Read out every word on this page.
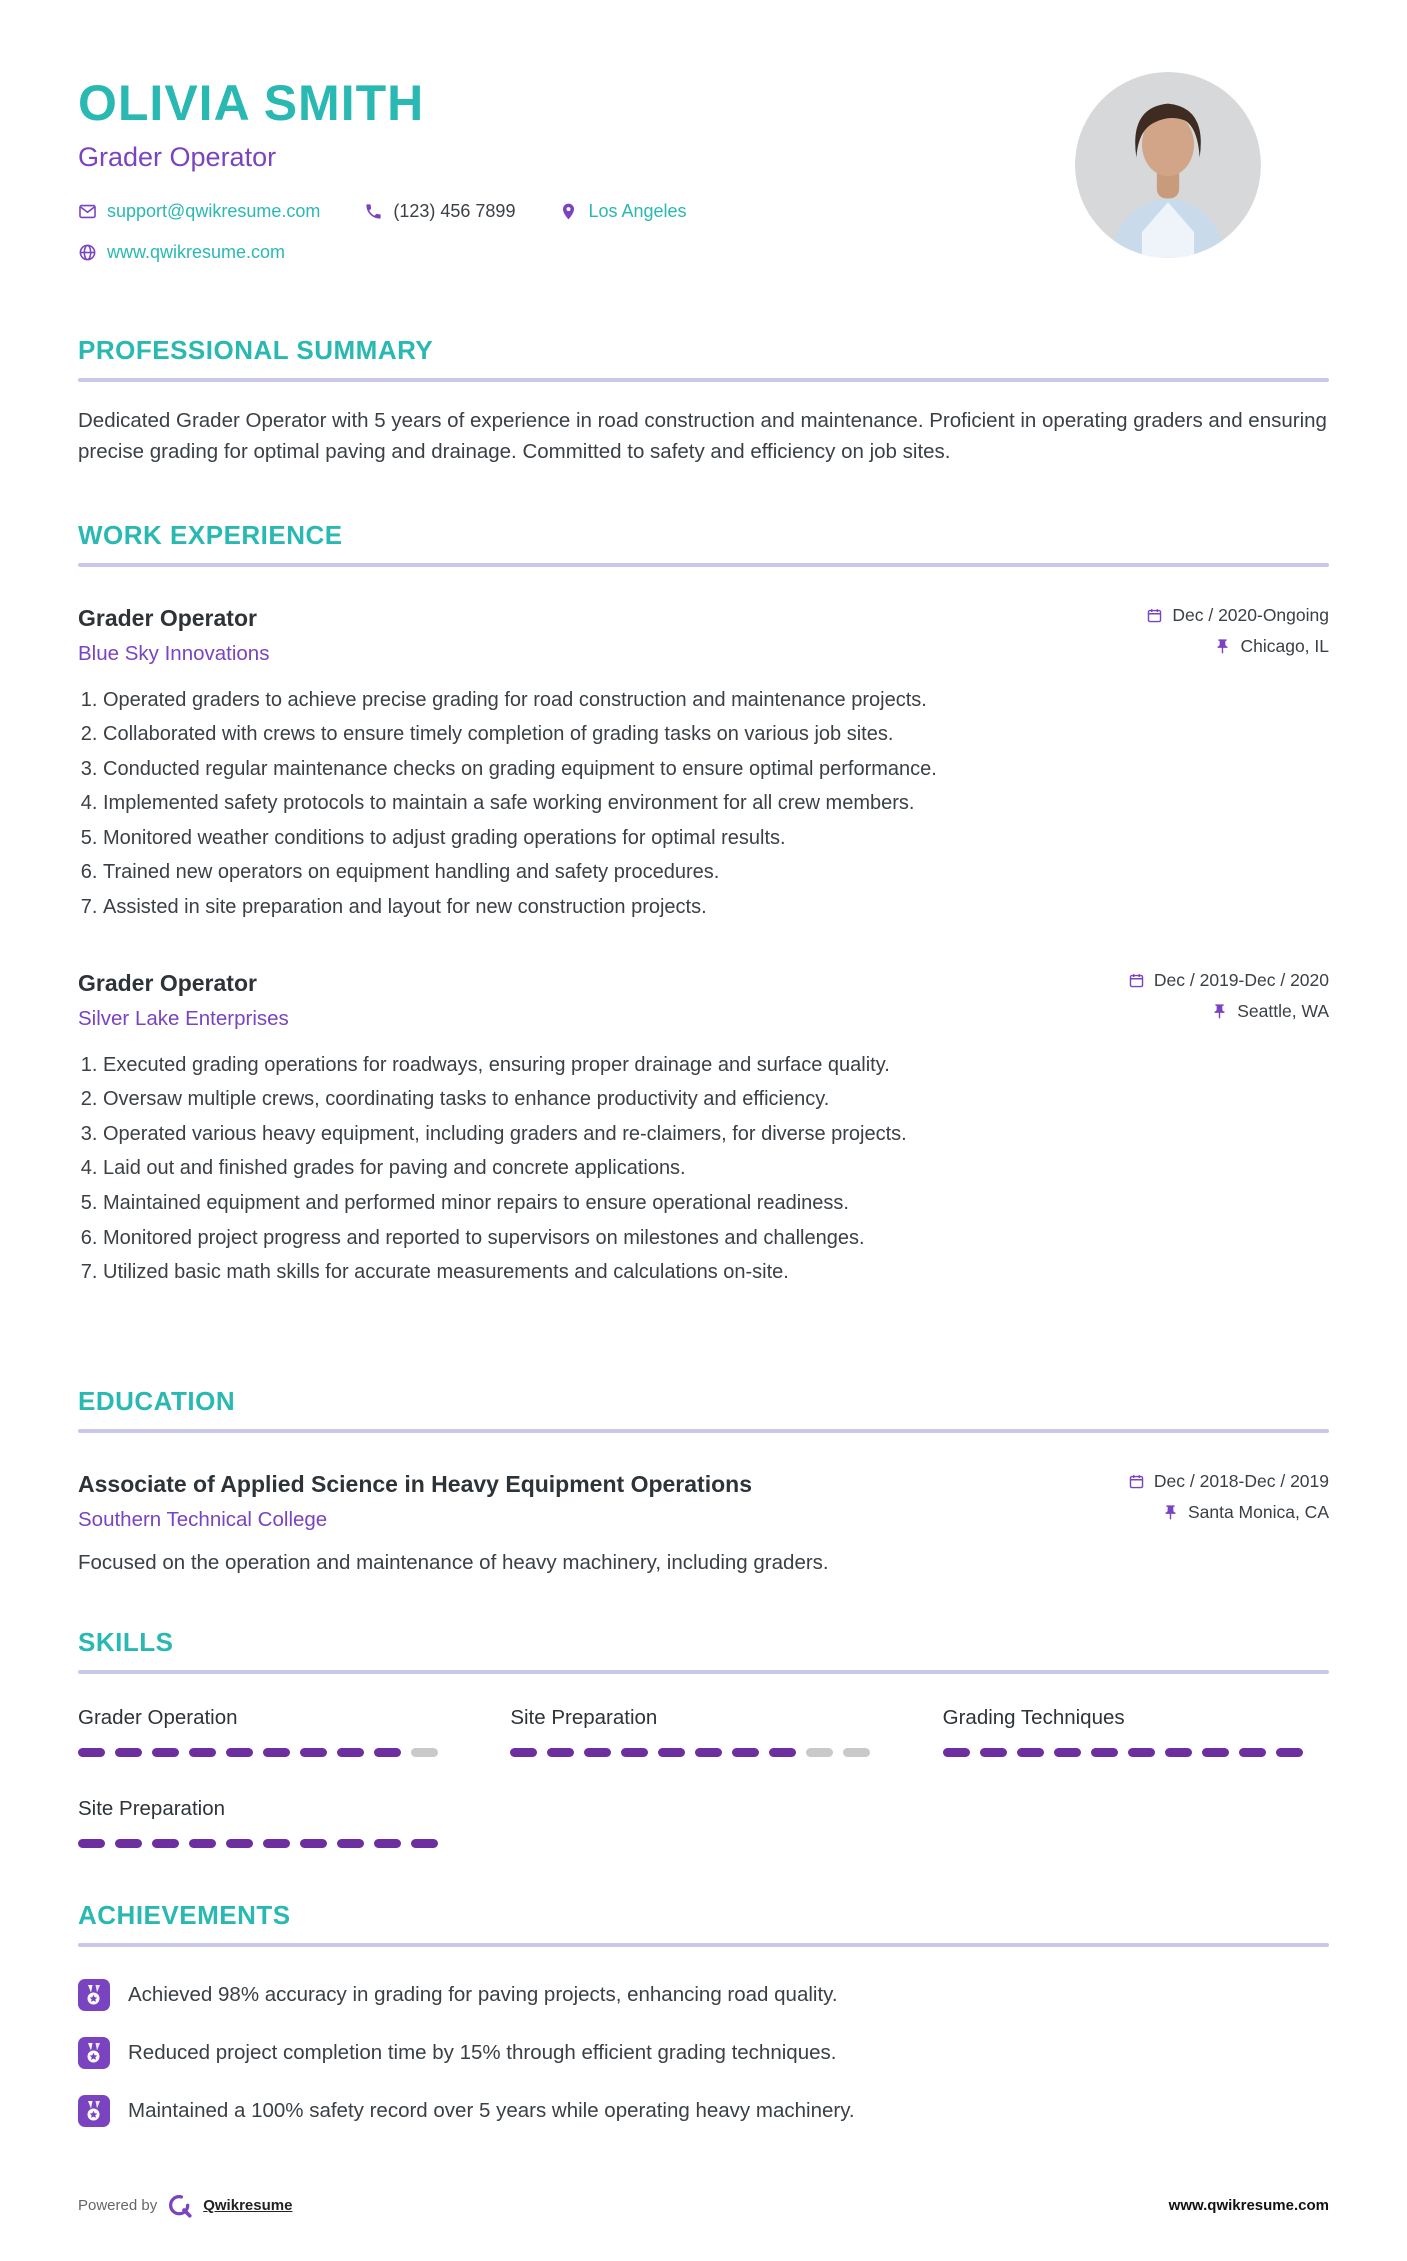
OLIVIA SMITH
Grader Operator
support@qwikresume.com	(123) 456 7899	Los Angeles
www.qwikresume.com
PROFESSIONAL SUMMARY

Dedicated Grader Operator with 5 years of experience in road construction and maintenance. Proficient in operating graders and ensuring precise grading for optimal paving and drainage. Committed to safety and efficiency on job sites.

WORK EXPERIENCE
Grader Operator
Blue Sky Innovations
Dec / 2020-Ongoing
Chicago, IL
1. Operated graders to achieve precise grading for road construction and maintenance projects.
2. Collaborated with crews to ensure timely completion of grading tasks on various job sites.
3. Conducted regular maintenance checks on grading equipment to ensure optimal performance.
4. Implemented safety protocols to maintain a safe working environment for all crew members.
5. Monitored weather conditions to adjust grading operations for optimal results.
6. Trained new operators on equipment handling and safety procedures.
7. Assisted in site preparation and layout for new construction projects.
Grader Operator
Silver Lake Enterprises
Dec / 2019-Dec / 2020
Seattle, WA
1. Executed grading operations for roadways, ensuring proper drainage and surface quality.
2. Oversaw multiple crews, coordinating tasks to enhance productivity and efficiency.
3. Operated various heavy equipment, including graders and re-claimers, for diverse projects.
4. Laid out and finished grades for paving and concrete applications.
5. Maintained equipment and performed minor repairs to ensure operational readiness.
6. Monitored project progress and reported to supervisors on milestones and challenges.
7. Utilized basic math skills for accurate measurements and calculations on-site.
EDUCATION
Associate of Applied Science in Heavy Equipment Operations
Southern Technical College
Dec / 2018-Dec / 2019
Santa Monica, CA

Focused on the operation and maintenance of heavy machinery, including graders.

SKILLS
Grader Operation	Site Preparation	Grading Techniques
Site Preparation
ACHIEVEMENTS
Achieved 98% accuracy in grading for paving projects, enhancing road quality.
Reduced project completion time by 15% through efficient grading techniques.
Maintained a 100% safety record over 5 years while operating heavy machinery.
Powered by	Qwikresume	www.qwikresume.com
